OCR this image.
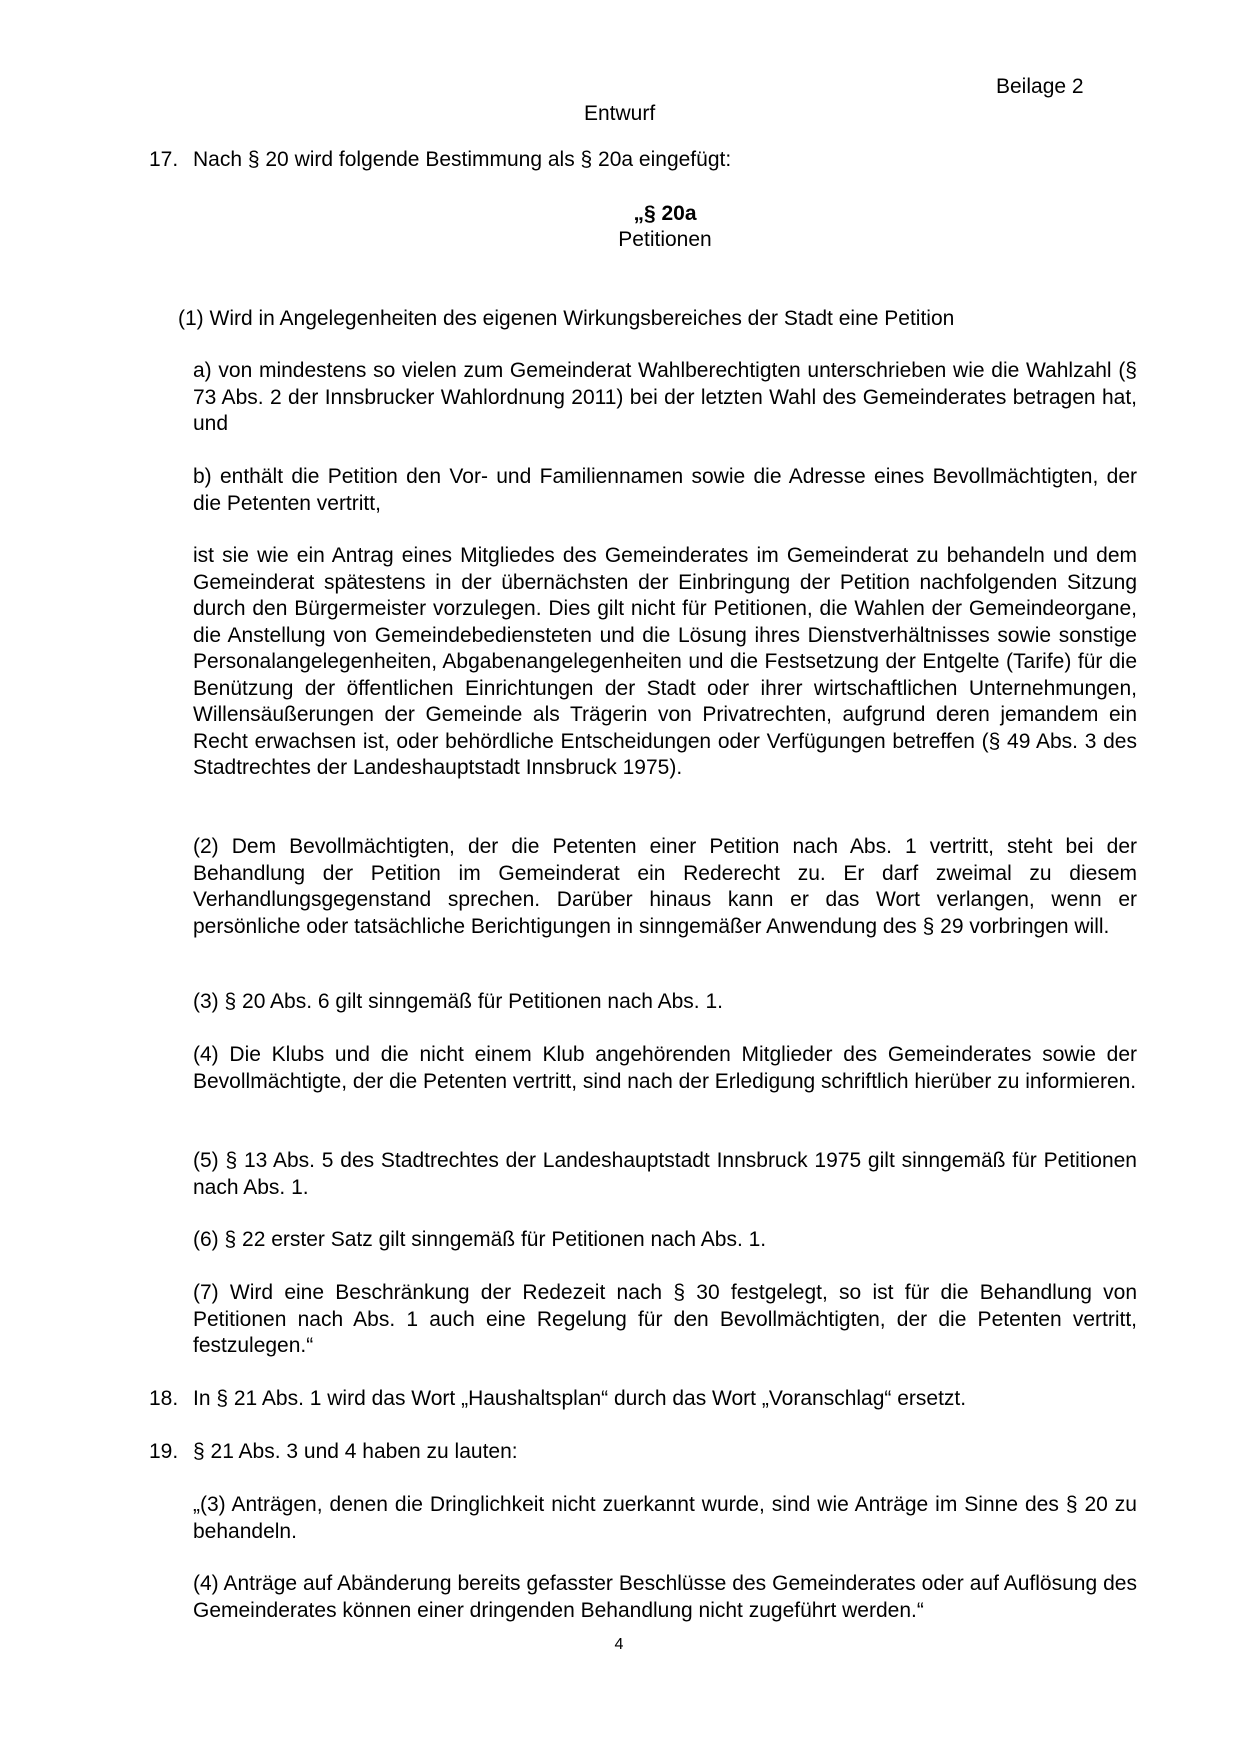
Beilage 2
Entwurf
17. Nach § 20 wird folgende Bestimmung als § 20a eingefügt:
„§ 20a
Petitionen
(1) Wird in Angelegenheiten des eigenen Wirkungsbereiches der Stadt eine Petition
a) von mindestens so vielen zum Gemeinderat Wahlberechtigten unterschrieben wie die Wahlzahl (§ 73 Abs. 2 der Innsbrucker Wahlordnung 2011) bei der letzten Wahl des Gemeinderates betragen hat, und
b) enthält die Petition den Vor- und Familiennamen sowie die Adresse eines Bevollmächtigten, der die Petenten vertritt,
ist sie wie ein Antrag eines Mitgliedes des Gemeinderates im Gemeinderat zu behandeln und dem Gemeinderat spätestens in der übernächsten der Einbringung der Petition nachfolgenden Sitzung durch den Bürgermeister vorzulegen. Dies gilt nicht für Petitionen, die Wahlen der Gemeindeorgane, die Anstellung von Gemeindebediensteten und die Lösung ihres Dienstverhältnisses sowie sonstige Personalangelegenheiten, Abgabenangelegenheiten und die Festsetzung der Entgelte (Tarife) für die Benützung der öffentlichen Einrichtungen der Stadt oder ihrer wirtschaftlichen Unternehmungen, Willensäußerungen der Gemeinde als Trägerin von Privatrechten, aufgrund deren jemandem ein Recht erwachsen ist, oder behördliche Entscheidungen oder Verfügungen betreffen (§ 49 Abs. 3 des Stadtrechtes der Landeshauptstadt Innsbruck 1975).
(2) Dem Bevollmächtigten, der die Petenten einer Petition nach Abs. 1 vertritt, steht bei der Behandlung der Petition im Gemeinderat ein Rederecht zu. Er darf zweimal zu diesem Verhandlungsgegenstand sprechen. Darüber hinaus kann er das Wort verlangen, wenn er persönliche oder tatsächliche Berichtigungen in sinngemäßer Anwendung des § 29 vorbringen will.
(3) § 20 Abs. 6 gilt sinngemäß für Petitionen nach Abs. 1.
(4) Die Klubs und die nicht einem Klub angehörenden Mitglieder des Gemeinderates sowie der Bevollmächtigte, der die Petenten vertritt, sind nach der Erledigung schriftlich hierüber zu informieren.
(5) § 13 Abs. 5 des Stadtrechtes der Landeshauptstadt Innsbruck 1975 gilt sinngemäß für Petitionen nach Abs. 1.
(6) § 22 erster Satz gilt sinngemäß für Petitionen nach Abs. 1.
(7) Wird eine Beschränkung der Redezeit nach § 30 festgelegt, so ist für die Behandlung von Petitionen nach Abs. 1 auch eine Regelung für den Bevollmächtigten, der die Petenten vertritt, festzulegen.“
18. In § 21 Abs. 1 wird das Wort „Haushaltsplan“ durch das Wort „Voranschlag“ ersetzt.
19. § 21 Abs. 3 und 4 haben zu lauten:
„(3) Anträgen, denen die Dringlichkeit nicht zuerkannt wurde, sind wie Anträge im Sinne des § 20 zu behandeln.
(4) Anträge auf Abänderung bereits gefasster Beschlüsse des Gemeinderates oder auf Auflösung des Gemeinderates können einer dringenden Behandlung nicht zugeführt werden.“
4
